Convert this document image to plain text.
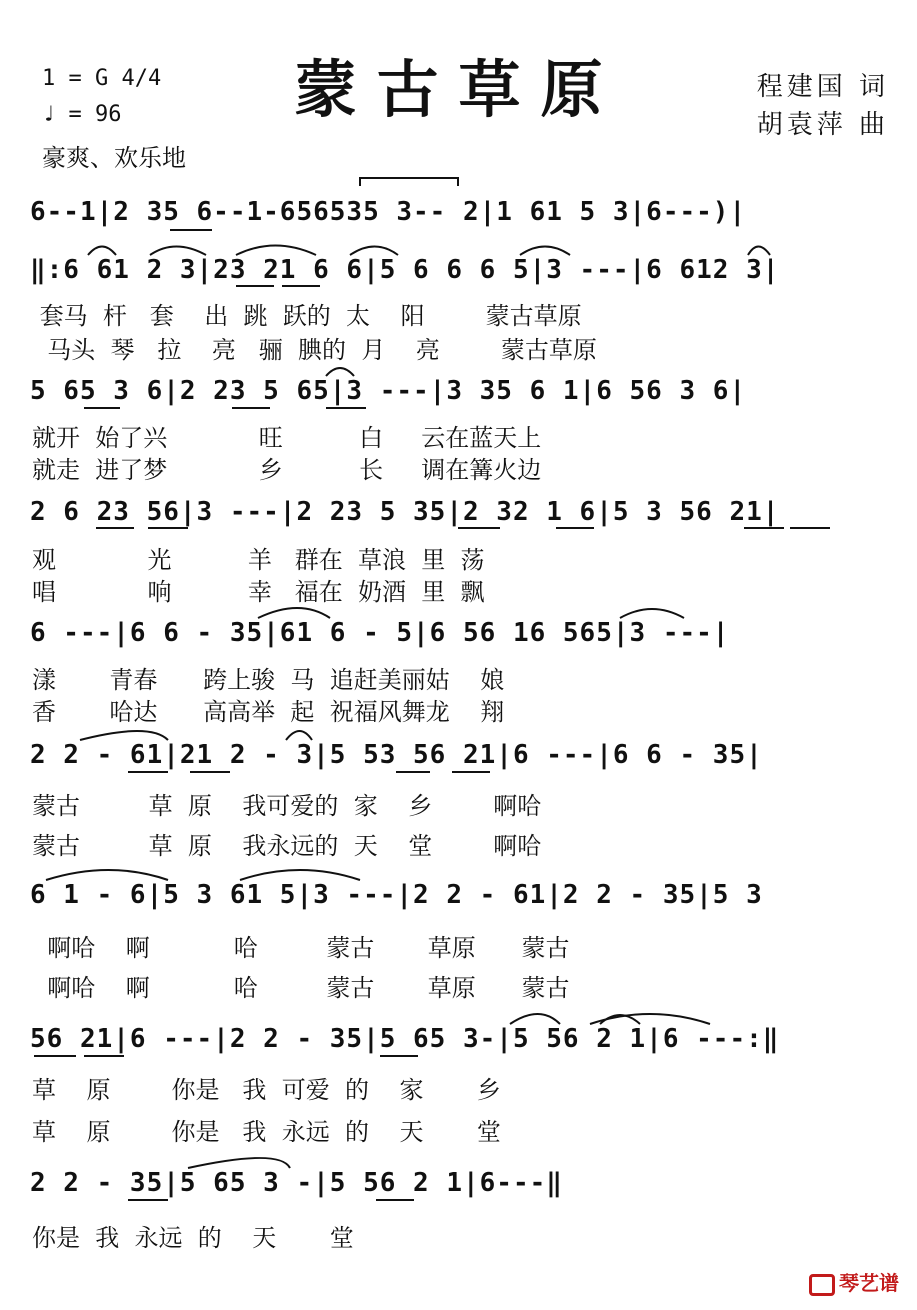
蒙古草原
1 = G 4/4
♩ = 96
豪爽、欢乐地
程建国 词
胡袁萍 曲
6--1|2 35 6--1-656535 3-- 2|1 61 5 3|6---)|
‖:6 61 2 3|23 21 6 6|5 6 6 6 5|3 ---|6 612 3|
套马  杆   套    出  跳  跃的  太    阳        蒙古草原
马头  琴   拉    亮   骊  腆的  月    亮        蒙古草原
5 65 3 6|2 23 5 65|3 ---|3 35 6 1|6 56 3 6|
就开  始了兴            旺          白     云在蓝天上
就走  进了梦            乡          长     调在篝火边
2 6 23 56|3 ---|2 23 5 35|2 32 1 6|5 3 56 21|
观            光          羊   群在  草浪  里  荡
唱            响          幸   福在  奶酒  里  飘
6 ---|6 6 - 35|61 6 - 5|6 56 16 565|3 ---|
漾       青春      跨上骏  马  追赶美丽姑    娘
香       哈达      高高举  起  祝福风舞龙    翔
2 2 - 61|21 2 - 3|5 53 56 21|6 ---|6 6 - 35|
蒙古         草  原    我可爱的  家    乡        啊哈
蒙古         草  原    我永远的  天    堂        啊哈
6 1 - 6|5 3 61 5|3 ---|2 2 - 61|2 2 - 35|5 3
啊哈    啊           哈         蒙古       草原      蒙古
啊哈    啊           哈         蒙古       草原      蒙古
56 21|6 ---|2 2 - 35|5 65 3-|5 56 2 1|6 ---:‖
草    原        你是   我  可爱  的    家       乡
草    原        你是   我  永远  的    天       堂
2 2 - 35|5 65 3 -|5 56 2 1|6---‖
你是  我  永远  的    天       堂
琴艺谱
